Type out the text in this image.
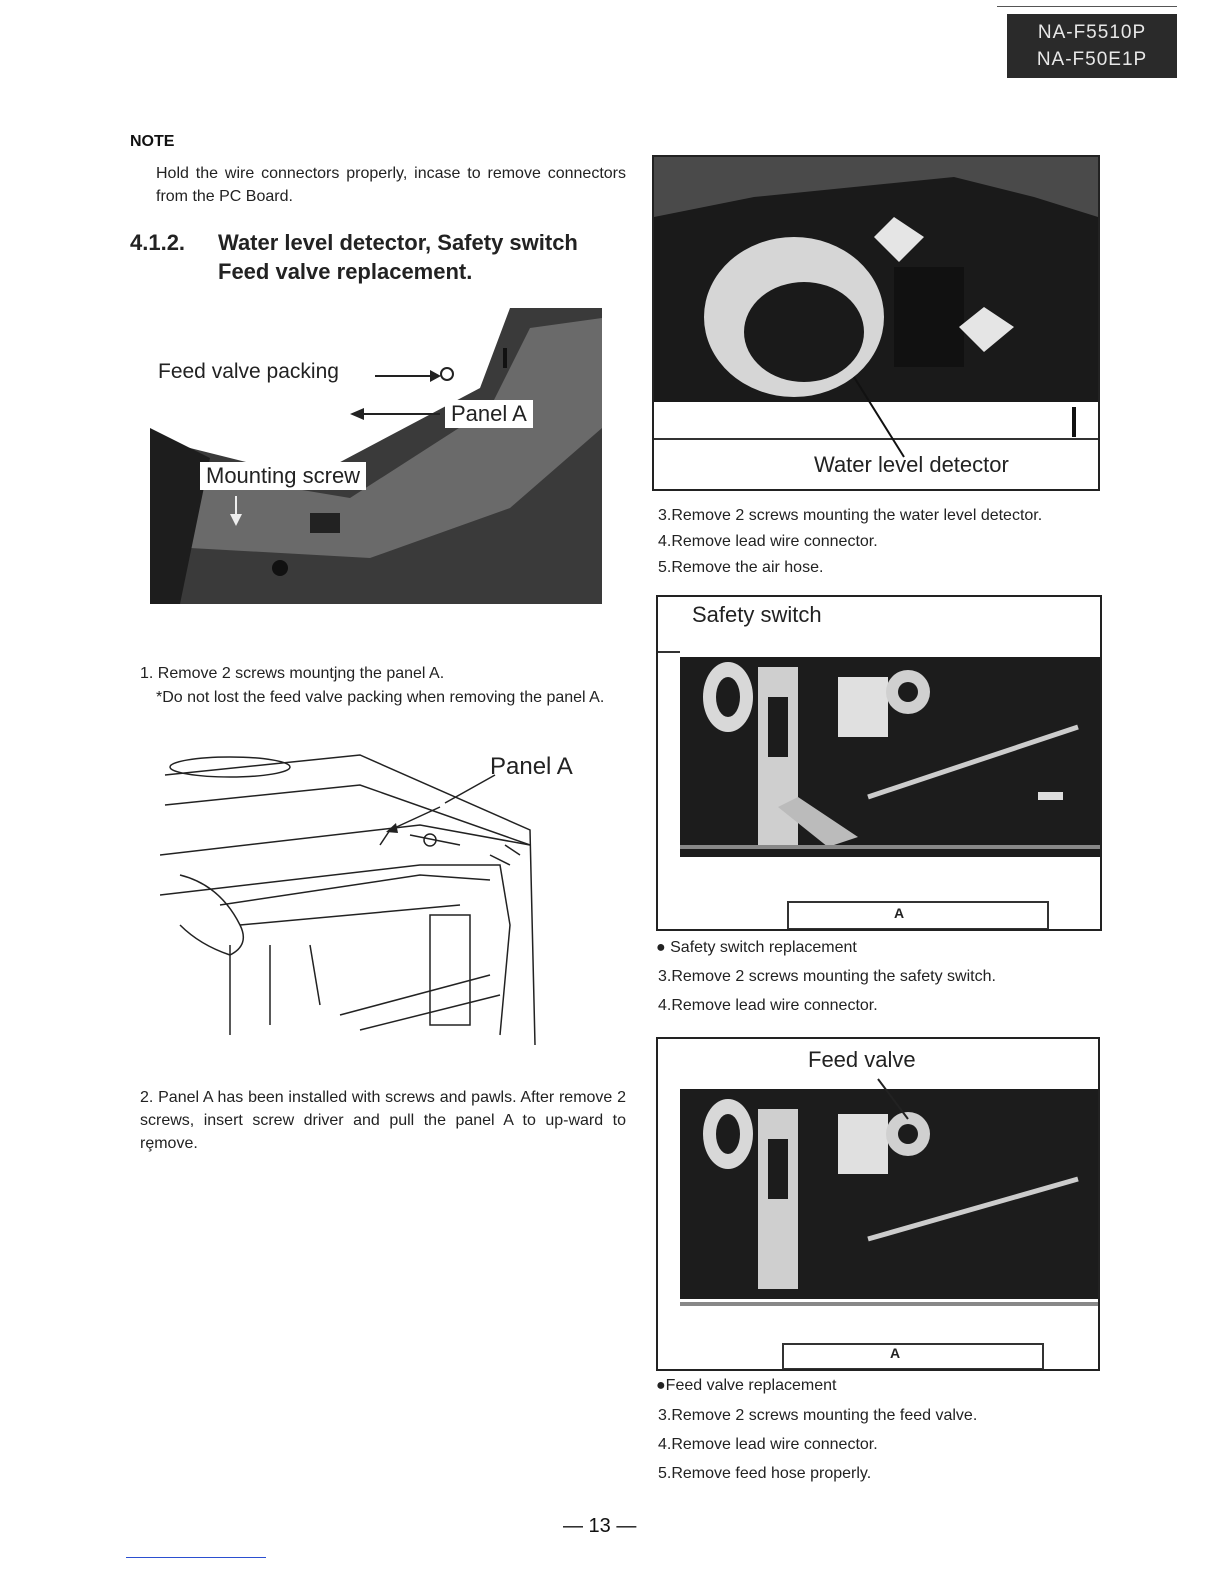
NA-F5510P
NA-F50E1P
NOTE
Hold the wire connectors properly, incase to remove connectors from the PC Board.
4.1.2. Water level detector, Safety switch
Feed valve replacement.
Feed valve packing
Panel A
Mounting screw
1. Remove 2 screws mountjng the panel A.
*Do not lost the feed valve packing when removing the panel A.
Panel A
2. Panel A has been installed with screws and pawls. After remove 2 screws, insert screw driver and pull the panel A to up-ward to rȩmove.
Water level detector
3.Remove 2 screws mounting the water level detector.
4.Remove lead wire connector.
5.Remove the air hose.
Safety switch
A
● Safety switch replacement
3.Remove 2 screws mounting the safety switch.
4.Remove lead wire connector.
Feed valve
A
●Feed valve replacement
3.Remove 2 screws mounting the feed valve.
4.Remove lead wire connector.
5.Remove feed hose properly.
— 13 —
